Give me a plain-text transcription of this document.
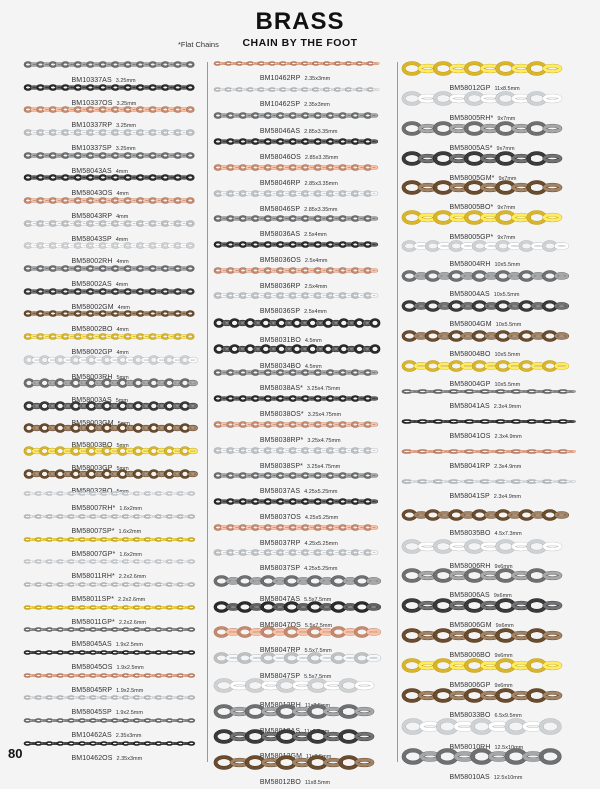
BRASS
CHAIN BY THE FOOT
*Flat Chains
BM10337AS 3.25mm
BM10337OS 3.25mm
BM10337RP 3.25mm
BM10337SP 3.25mm
BM58043AS 4mm
BM58043OS 4mm
BM58043RP 4mm
BM58043SP 4mm
BM58002RH 4mm
BM58002AS 4mm
BM58002GM 4mm
BM58002BO 4mm
BM58002GP 4mm
BM58003RH 5mm
BM58003AS 5mm
BM58003GM 5mm
BM58003BO 5mm
BM58003GP 5mm
BM58032BO 5mm
BM58007RH* 1.6x2mm
BM58007SP* 1.6x2mm
BM58007GP* 1.6x2mm
BM58011RH* 2.2x2.6mm
BM58011SP* 2.2x2.6mm
BM58011GP* 2.2x2.6mm
BM58045AS 1.9x2.5mm
BM58045OS 1.9x2.5mm
BM58045RP 1.9x2.5mm
BM58045SP 1.9x2.5mm
BM10462AS 2.35x3mm
BM10462OS 2.35x3mm
BM10462RP 2.35x3mm
BM10462SP 2.35x3mm
BM58046AS 2.85x3.35mm
BM58046OS 2.85x3.35mm
BM58046RP 2.85x3.35mm
BM58046SP 2.85x3.35mm
BM58036AS 2.5x4mm
BM58036OS 2.5x4mm
BM58036RP 2.5x4mm
BM58036SP 2.5x4mm
BM58031BO 4.5mm
BM58034BO 4.5mm
BM58038AS* 3.25x4.75mm
BM58038OS* 3.25x4.75mm
BM58038RP* 3.25x4.75mm
BM58038SP* 3.25x4.75mm
BM58037AS 4.25x5.25mm
BM58037OS 4.25x5.25mm
BM58037RP 4.25x5.25mm
BM58037SP 4.25x5.25mm
BM58047AS 5.5x7.5mm
BM58047OS 5.5x7.5mm
BM58047RP 5.5x7.5mm
BM58047SP 5.5x7.5mm
BM58012RH 11x8.5mm
BM58012AS 11x8.5mm
BM58012GM 11x8.5mm
BM58012BO 11x8.5mm
BM58012GP 11x8.5mm
BM58005RH* 9x7mm
BM58005AS* 9x7mm
BM58005GM* 9x7mm
BM58005BO* 9x7mm
BM58005GP* 9x7mm
BM58004RH 10x5.5mm
BM58004AS 10x5.5mm
BM58004GM 10x5.5mm
BM58004BO 10x5.5mm
BM58004GP 10x5.5mm
BM58041AS 2.3x4.9mm
BM58041OS 2.3x4.9mm
BM58041RP 2.3x4.9mm
BM58041SP 2.3x4.9mm
BM58035BO 4.5x7.3mm
BM58006RH 9x6mm
BM58006AS 9x6mm
BM58006GM 9x6mm
BM58006BO 9x6mm
BM58006GP 9x6mm
BM58033BO 6.5x9.5mm
BM58010RH 12.5x10mm
BM58010AS 12.5x10mm
80
